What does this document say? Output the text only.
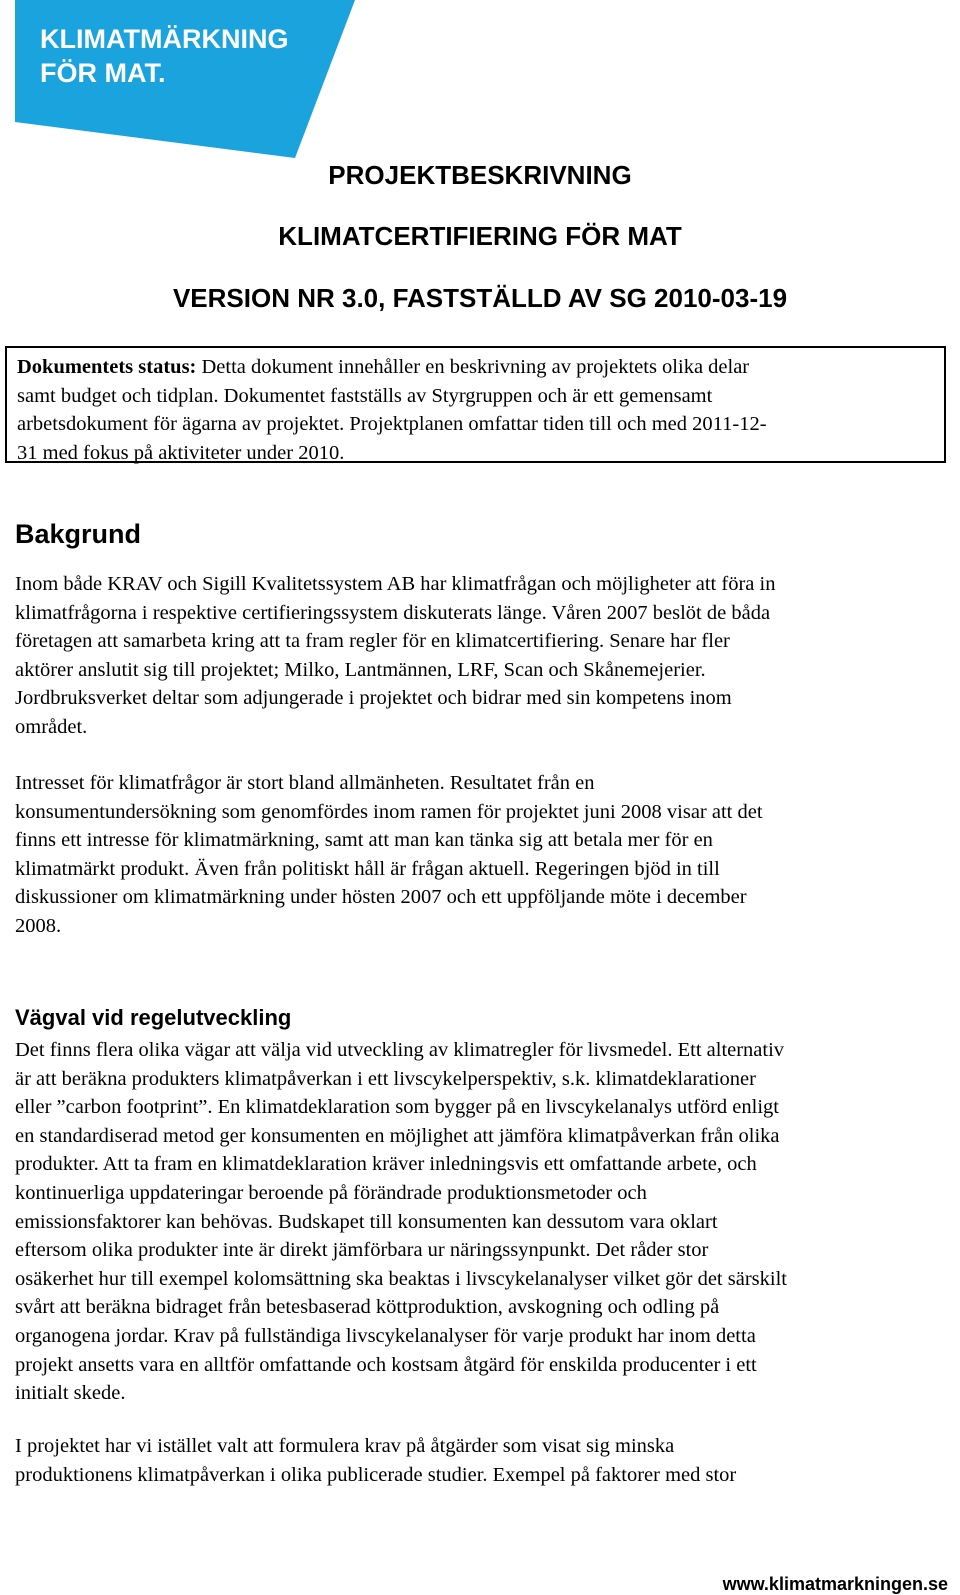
KLIMATMÄRKNING
FÖR MAT.
PROJEKTBESKRIVNING
KLIMATCERTIFIERING FÖR MAT
VERSION NR 3.0, FASTSTÄLLD AV SG 2010-03-19
Dokumentets status: Detta dokument innehåller en beskrivning av projektets olika delar
samt budget och tidplan. Dokumentet fastställs av Styrgruppen och är ett gemensamt
arbetsdokument för ägarna av projektet. Projektplanen omfattar tiden till och med 2011-12-
31 med fokus på aktiviteter under 2010.
Bakgrund
Inom både KRAV och Sigill Kvalitetssystem AB har klimatfrågan och möjligheter att föra in
klimatfrågorna i respektive certifieringssystem diskuterats länge. Våren 2007 beslöt de båda
företagen att samarbeta kring att ta fram regler för en klimatcertifiering. Senare har fler
aktörer anslutit sig till projektet; Milko, Lantmännen, LRF, Scan och Skånemejerier.
Jordbruksverket deltar som adjungerade i projektet och bidrar med sin kompetens inom
området.
Intresset för klimatfrågor är stort bland allmänheten. Resultatet från en
konsumentundersökning som genomfördes inom ramen för projektet juni 2008 visar att det
finns ett intresse för klimatmärkning, samt att man kan tänka sig att betala mer för en
klimatmärkt produkt. Även från politiskt håll är frågan aktuell. Regeringen bjöd in till
diskussioner om klimatmärkning under hösten 2007 och ett uppföljande möte i december
2008.
Vägval vid regelutveckling
Det finns flera olika vägar att välja vid utveckling av klimatregler för livsmedel. Ett alternativ
är att beräkna produkters klimatpåverkan i ett livscykelperspektiv, s.k. klimatdeklarationer
eller ”carbon footprint”. En klimatdeklaration som bygger på en livscykelanalys utförd enligt
en standardiserad metod ger konsumenten en möjlighet att jämföra klimatpåverkan från olika
produkter. Att ta fram en klimatdeklaration kräver inledningsvis ett omfattande arbete, och
kontinuerliga uppdateringar beroende på förändrade produktionsmetoder och
emissionsfaktorer kan behövas. Budskapet till konsumenten kan dessutom vara oklart
eftersom olika produkter inte är direkt jämförbara ur näringssynpunkt. Det råder stor
osäkerhet hur till exempel kolomsättning ska beaktas i livscykelanalyser vilket gör det särskilt
svårt att beräkna bidraget från betesbaserad köttproduktion, avskogning och odling på
organogena jordar. Krav på fullständiga livscykelanalyser för varje produkt har inom detta
projekt ansetts vara en alltför omfattande och kostsam åtgärd för enskilda producenter i ett
initialt skede.
I projektet har vi istället valt att formulera krav på åtgärder som visat sig minska
produktionens klimatpåverkan i olika publicerade studier. Exempel på faktorer med stor
www.klimatmarkningen.se
